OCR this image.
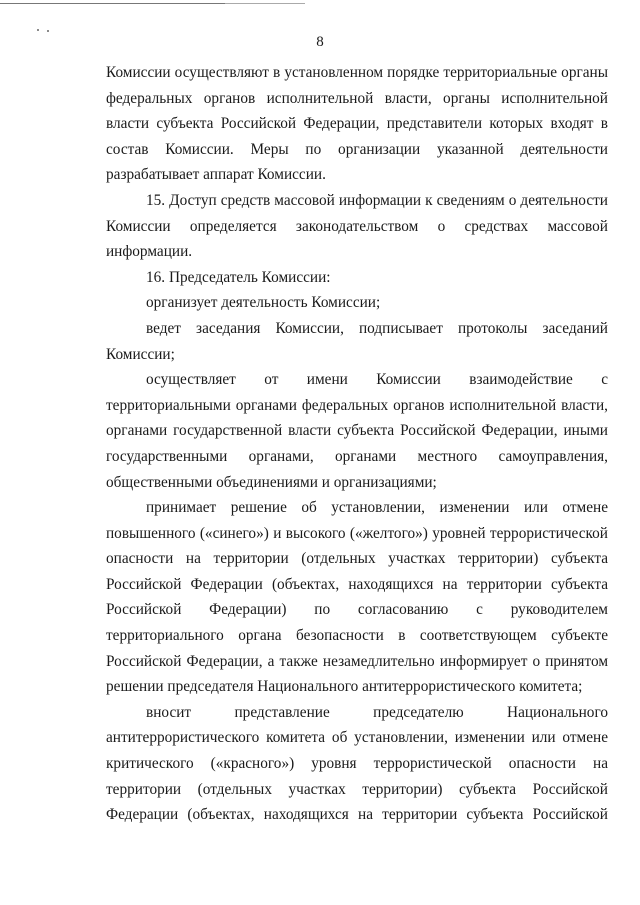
8

Комиссии осуществляют в установленном порядке территориальные органы федеральных органов исполнительной власти, органы исполнительной власти субъекта Российской Федерации, представители которых входят в состав Комиссии. Меры по организации указанной деятельности разрабатывает аппарат Комиссии.

15. Доступ средств массовой информации к сведениям о деятельности Комиссии определяется законодательством о средствах массовой информации.

16. Председатель Комиссии:

организует деятельность Комиссии;

ведет заседания Комиссии, подписывает протоколы заседаний Комиссии;

осуществляет от имени Комиссии взаимодействие с территориальными органами федеральных органов исполнительной власти, органами государственной власти субъекта Российской Федерации, иными государственными органами, органами местного самоуправления, общественными объединениями и организациями;

принимает решение об установлении, изменении или отмене повышенного («синего») и высокого («желтого») уровней террористической опасности на территории (отдельных участках территории) субъекта Российской Федерации (объектах, находящихся на территории субъекта Российской Федерации) по согласованию с руководителем территориального органа безопасности в соответствующем субъекте Российской Федерации, а также незамедлительно информирует о принятом решении председателя Национального антитеррористического комитета;

вносит представление председателю Национального антитеррористического комитета об установлении, изменении или отмене критического («красного») уровня террористической опасности на территории (отдельных участках территории) субъекта Российской Федерации (объектах, находящихся на территории субъекта Российской
